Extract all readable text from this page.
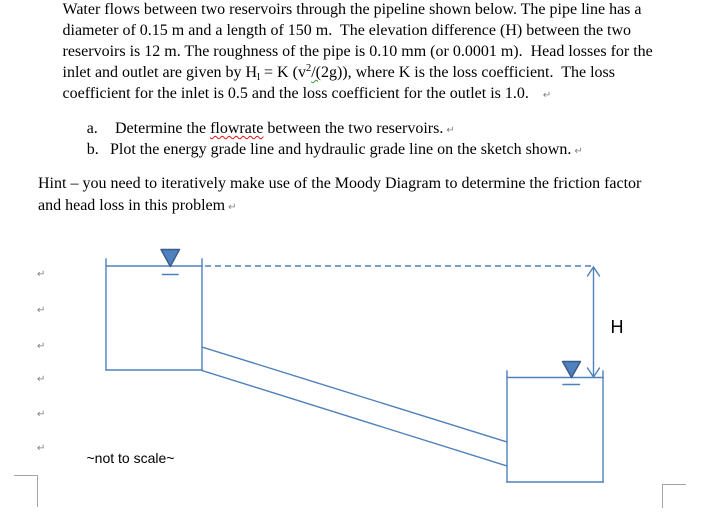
Water flows between two reservoirs through the pipeline shown below. The pipe line has a
diameter of 0.15 m and a length of 150 m.  The elevation difference (H) between the two
reservoirs is 12 m. The roughness of the pipe is 0.10 mm (or 0.0001 m).  Head losses for the
inlet and outlet are given by Hl = K $(v^2/(2g))$, where K is the loss coefficient.  The loss
coefficient for the inlet is 0.5 and the loss coefficient for the outlet is 1.0. ↵
a. Determine the flowrate between the two reservoirs. ↵
b. Plot the energy grade line and hydraulic grade line on the sketch shown. ↵
Hint – you need to iteratively make use of the Moody Diagram to determine the friction factor
and head loss in this problem ↵
↵
↵
↵
↵
↵
↵
H
~not to scale~
